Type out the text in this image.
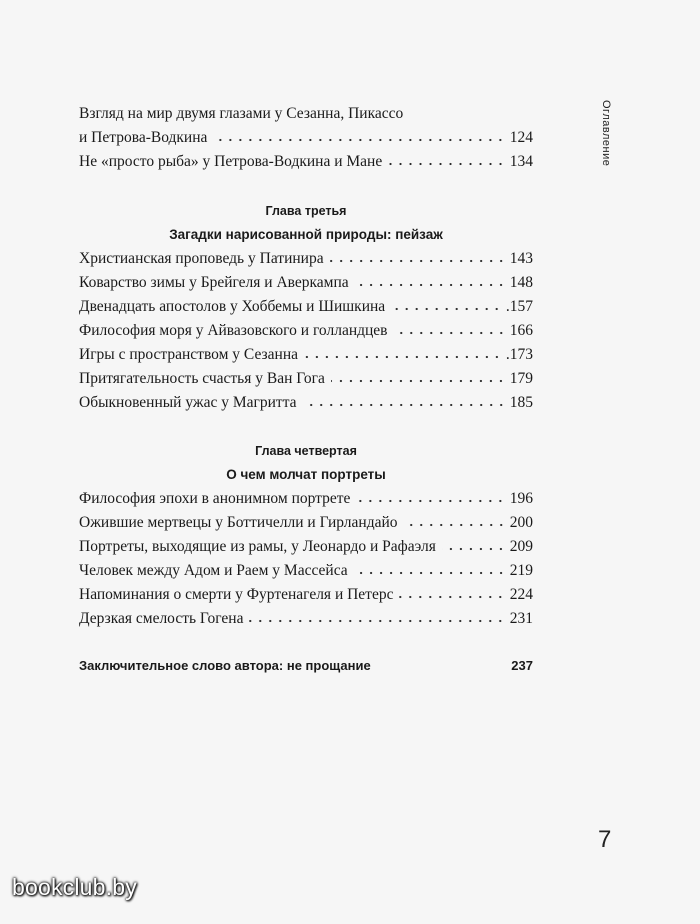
Оглавление
Взгляд на мир двумя глазами у Сезанна, Пикассо
и Петрова-Водкина	124
Не «просто рыба» у Петрова-Водкина и Мане	134
Глава третья
Загадки нарисованной природы: пейзаж
Христианская проповедь у Патинира	143
Коварство зимы у Брейгеля и Аверкампа	148
Двенадцать апостолов у Хоббемы и Шишкина	.157
Философия моря у Айвазовского и голландцев	166
Игры с пространством у Сезанна	.173
Притягательность счастья у Ван Гога	179
Обыкновенный ужас у Магритта	185
Глава четвертая
О чем молчат портреты
Философия эпохи в анонимном портрете	196
Ожившие мертвецы у Боттичелли и Гирландайо	200
Портреты, выходящие из рамы, у Леонардо и Рафаэля	209
Человек между Адом и Раем у Массейса	219
Напоминания о смерти у Фуртенагеля и Петерс	224
Дерзкая смелость Гогена	231
Заключительное слово автора: не прощание	237
7
bookclub.by
